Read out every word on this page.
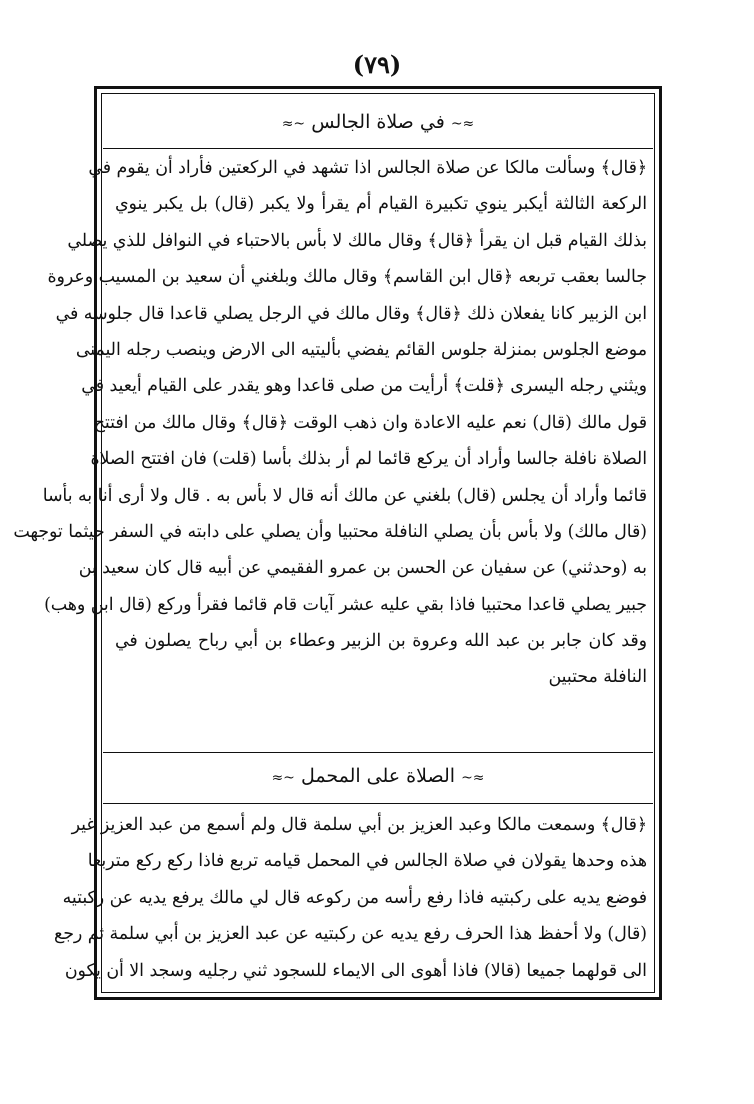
(٧٩)
≈~ في صلاة الجالس ~≈
﴿قال﴾ وسألت مالكا عن صلاة الجالس اذا تشهد في الركعتين فأراد أن يقوم في
الركعة الثالثة أيكبر ينوي تكبيرة القيام أم يقرأ ولا يكبر (قال) بل يكبر ينوي
بذلك القيام قبل ان يقرأ ﴿قال﴾ وقال مالك لا بأس بالاحتباء في النوافل للذي يصلي
جالسا بعقب تربعه ﴿قال ابن القاسم﴾ وقال مالك وبلغني أن سعيد بن المسيب وعروة
ابن الزبير كانا يفعلان ذلك ﴿قال﴾ وقال مالك في الرجل يصلي قاعدا قال جلوسه في
موضع الجلوس بمنزلة جلوس القائم يفضي بأليتيه الى الارض وينصب رجله اليمنى
ويثني رجله اليسرى ﴿قلت﴾ أرأيت من صلى قاعدا وهو يقدر على القيام أيعيد في
قول مالك (قال) نعم عليه الاعادة وان ذهب الوقت ﴿قال﴾ وقال مالك من افتتح
الصلاة نافلة جالسا وأراد أن يركع قائما لم أر بذلك بأسا (قلت) فان افتتح الصلاة
قائما وأراد أن يجلس (قال) بلغني عن مالك أنه قال لا بأس به . قال ولا أرى أنا به بأسا
(قال مالك) ولا بأس بأن يصلي النافلة محتبيا وأن يصلي على دابته في السفر حيثما توجهت
به (وحدثني) عن سفيان عن الحسن بن عمرو الفقيمي عن أبيه قال كان سعيد بن
جبير يصلي قاعدا محتبيا فاذا بقي عليه عشر آيات قام قائما فقرأ وركع (قال ابن وهب)
وقد كان جابر بن عبد الله وعروة بن الزبير وعطاء بن أبي رباح يصلون في
النافلة محتبين
≈~ الصلاة على المحمل ~≈
﴿قال﴾ وسمعت مالكا وعبد العزيز بن أبي سلمة قال ولم أسمع من عبد العزيز غير
هذه وحدها يقولان في صلاة الجالس في المحمل قيامه تربع فاذا ركع ركع متربعا
فوضع يديه على ركبتيه فاذا رفع رأسه من ركوعه قال لي مالك يرفع يديه عن ركبتيه
(قال) ولا أحفظ هذا الحرف رفع يديه عن ركبتيه عن عبد العزيز بن أبي سلمة ثم رجع
الى قولهما جميعا (قالا) فاذا أهوى الى الايماء للسجود ثني رجليه وسجد الا أن يكون
